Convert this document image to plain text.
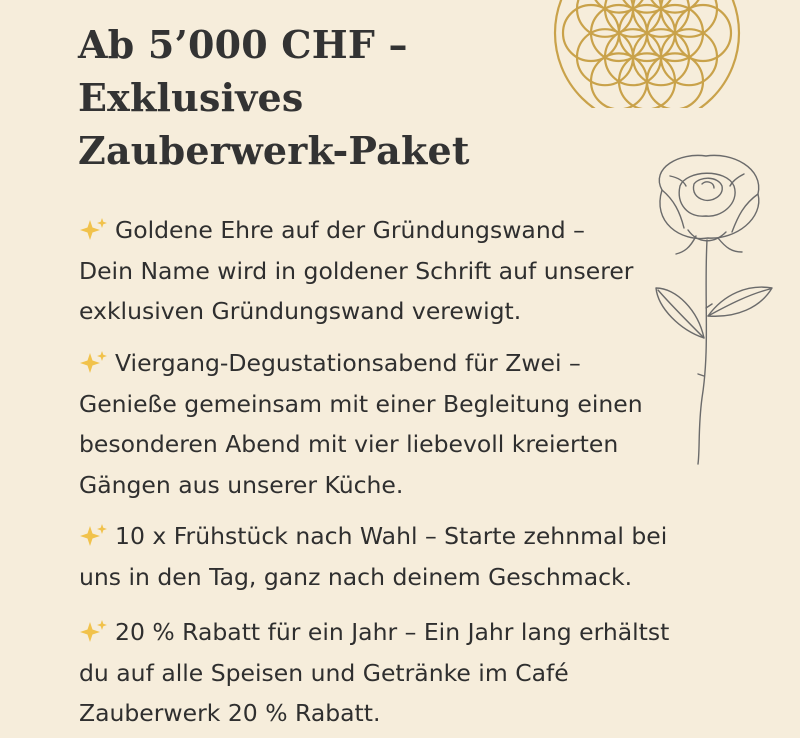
Ab 5’000 CHF –
Exklusives
Zauberwerk-Paket
Goldene Ehre auf der Gründungswand –
Dein Name wird in goldener Schrift auf unserer
exklusiven Gründungswand verewigt.
Viergang-Degustationsabend für Zwei –
Genieße gemeinsam mit einer Begleitung einen
besonderen Abend mit vier liebevoll kreierten
Gängen aus unserer Küche.
10 x Frühstück nach Wahl – Starte zehnmal bei
uns in den Tag, ganz nach deinem Geschmack.
20 % Rabatt für ein Jahr – Ein Jahr lang erhältst
du auf alle Speisen und Getränke im Café
Zauberwerk 20 % Rabatt.
